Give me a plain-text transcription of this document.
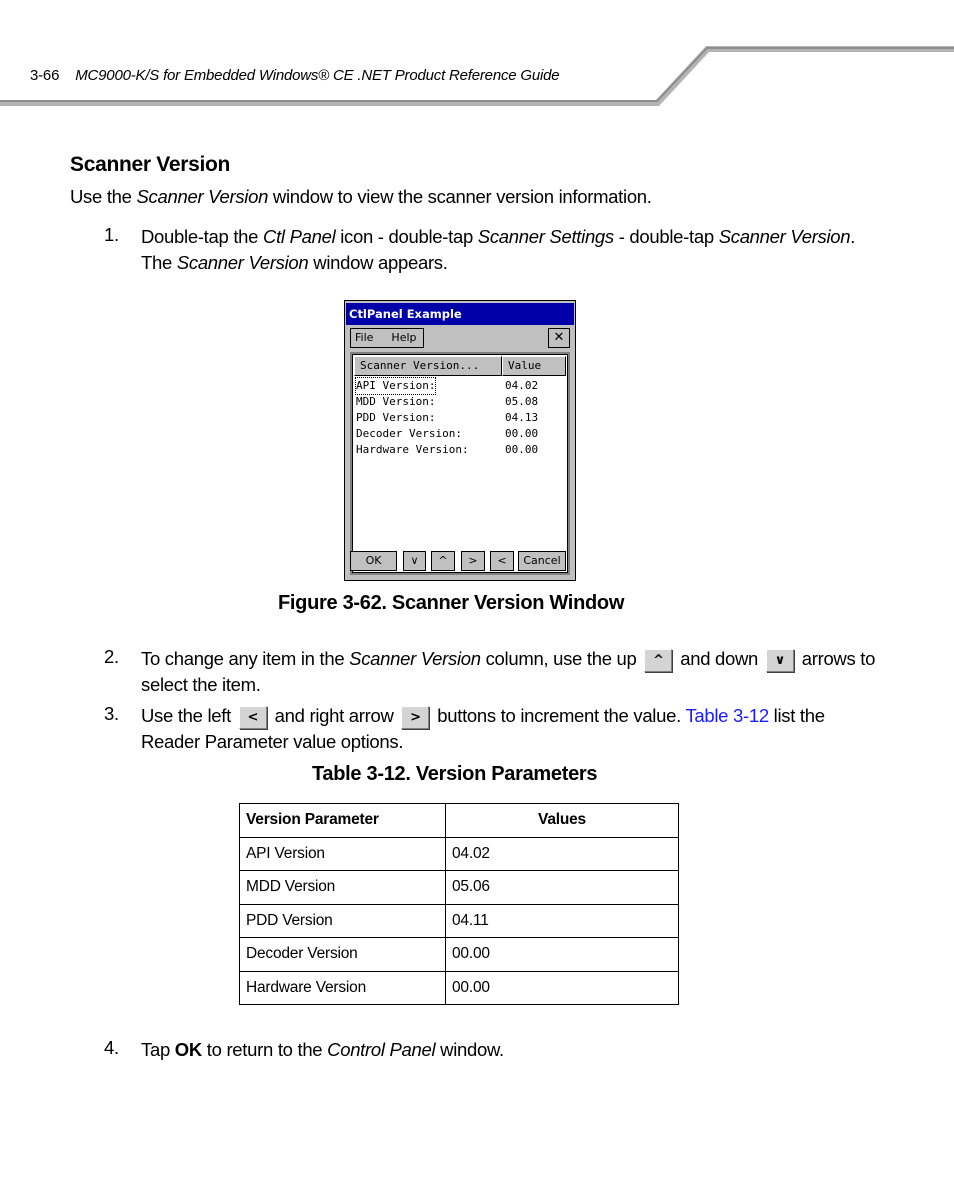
3-66 MC9000-K/S for Embedded Windows® CE .NET Product Reference Guide
Scanner Version
Use the Scanner Version window to view the scanner version information.
1. Double-tap the Ctl Panel icon - double-tap Scanner Settings - double-tap Scanner Version.
The Scanner Version window appears.
CtlPanel Example
File Help	✕
Scanner Version...	Value
API Version:	04.02
MDD Version:	05.08
PDD Version:	04.13
Decoder Version:	00.00
Hardware Version:	00.00
OK	∨	^	>	<	Cancel
Figure 3-62. Scanner Version Window
2. To change any item in the Scanner Version column, use the up ^ and down ∨ arrows to
select the item.
3. Use the left < and right arrow > buttons to increment the value. Table 3-12 list the
Reader Parameter value options.
Table 3-12. Version Parameters
Version Parameter	Values
API Version	04.02
MDD Version	05.06
PDD Version	04.11
Decoder Version	00.00
Hardware Version	00.00
4. Tap OK to return to the Control Panel window.
